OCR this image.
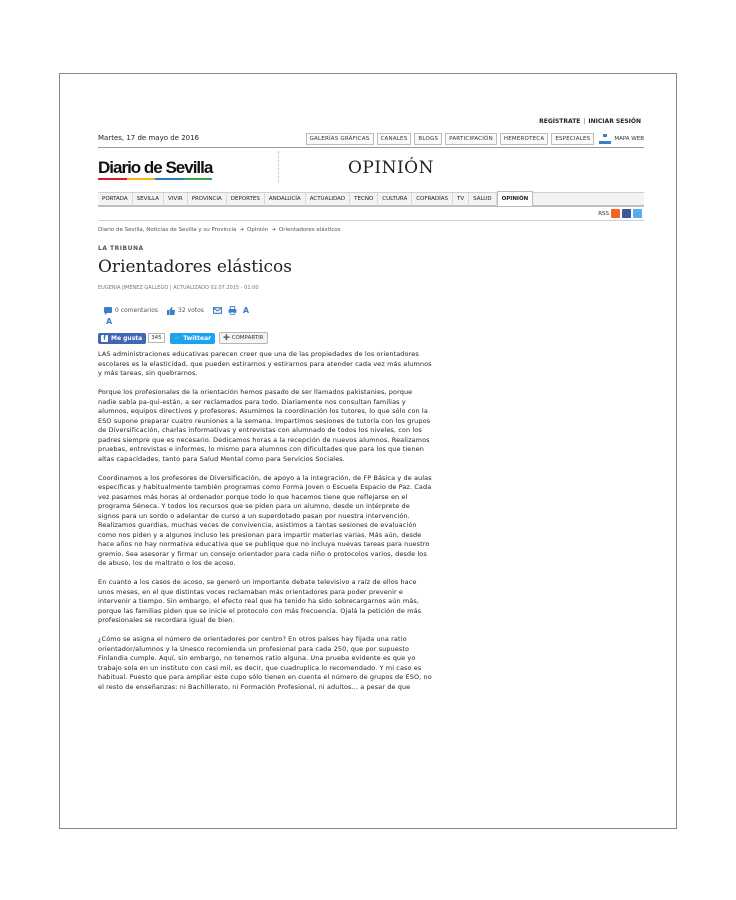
REGÍSTRATE | INICIAR SESIÓN
Martes, 17 de mayo de 2016	GALERÍAS GRÁFICAS	CANALES	BLOGS	PARTICIPACIÓN	HEMEROTECA	ESPECIALES	MAPA WEB
Diario de Sevilla	OPINIÓN
PORTADA	SEVILLA	VIVIR	PROVINCIA	DEPORTES	ANDALUCÍA	ACTUALIDAD	TECNO	CULTURA	COFRADÍAS	TV	SALUD	OPINIÓN
RSS
Diario de Sevilla, Noticias de Sevilla y su Provincia ➜ Opinión ➜ Orientadores elásticos
LA TRIBUNA
Orientadores elásticos
EUGENIA JIMÉNEZ GALLEGO | ACTUALIZADO 02.07.2015 - 01:00
0 comentarios	32 votos	A
A
f Me gusta	345	🐦 Twittear	➕ COMPARTIR

LAS administraciones educativas parecen creer que una de las propiedades de los orientadores escolares es la elasticidad, que pueden estirarnos y estirarnos para atender cada vez más alumnos y más tareas, sin quebrarnos.

Porque los profesionales de la orientación hemos pasado de ser llamados pakistanies, porque nadie sabía pa-qui-están, a ser reclamados para todo. Diariamente nos consultan familias y alumnos, equipos directivos y profesores. Asumimos la coordinación los tutores, lo que sólo con la ESO supone preparar cuatro reuniones a la semana. Impartimos sesiones de tutoría con los grupos de Diversificación, charlas informativas y entrevistas con alumnado de todos los niveles, con los padres siempre que es necesario. Dedicamos horas a la recepción de nuevos alumnos. Realizamos pruebas, entrevistas e informes, lo mismo para alumnos con dificultades que para los que tienen altas capacidades, tanto para Salud Mental como para Servicios Sociales.

Coordinamos a los profesores de Diversificación, de apoyo a la integración, de FP Básica y de aulas específicas y habitualmente también programas como Forma Joven o Escuela Espacio de Paz. Cada vez pasamos más horas al ordenador porque todo lo que hacemos tiene que reflejarse en el programa Séneca. Y todos los recursos que se piden para un alumno, desde un intérprete de signos para un sordo o adelantar de curso a un superdotado pasan por nuestra intervención. Realizamos guardias, muchas veces de convivencia, asistimos a tantas sesiones de evaluación como nos piden y a algunos incluso les presionan para impartir materias varias. Más aún, desde hace años no hay normativa educativa que se publique que no incluya nuevas tareas para nuestro gremio. Sea asesorar y firmar un consejo orientador para cada niño o protocolos varios, desde los de abuso, los de maltrato o los de acoso.

En cuanto a los casos de acoso, se generó un importante debate televisivo a raíz de ellos hace unos meses, en el que distintas voces reclamaban más orientadores para poder prevenir e intervenir a tiempo. Sin embargo, el efecto real que ha tenido ha sido sobrecargarnos aún más, porque las familias piden que se inicie el protocolo con más frecuencia. Ojalá la petición de más profesionales se recordara igual de bien.

¿Cómo se asigna el número de orientadores por centro? En otros países hay fijada una ratio orientador/alumnos y la Unesco recomienda un profesional para cada 250, que por supuesto Finlandia cumple. Aquí, sin embargo, no tenemos ratio alguna. Una prueba evidente es que yo trabajo sola en un instituto con casi mil, es decir, que cuadruplica lo recomendado. Y mi caso es habitual. Puesto que para ampliar este cupo sólo tienen en cuenta el número de grupos de ESO, no el resto de enseñanzas: ni Bachillerato, ni Formación Profesional, ni adultos... a pesar de que
